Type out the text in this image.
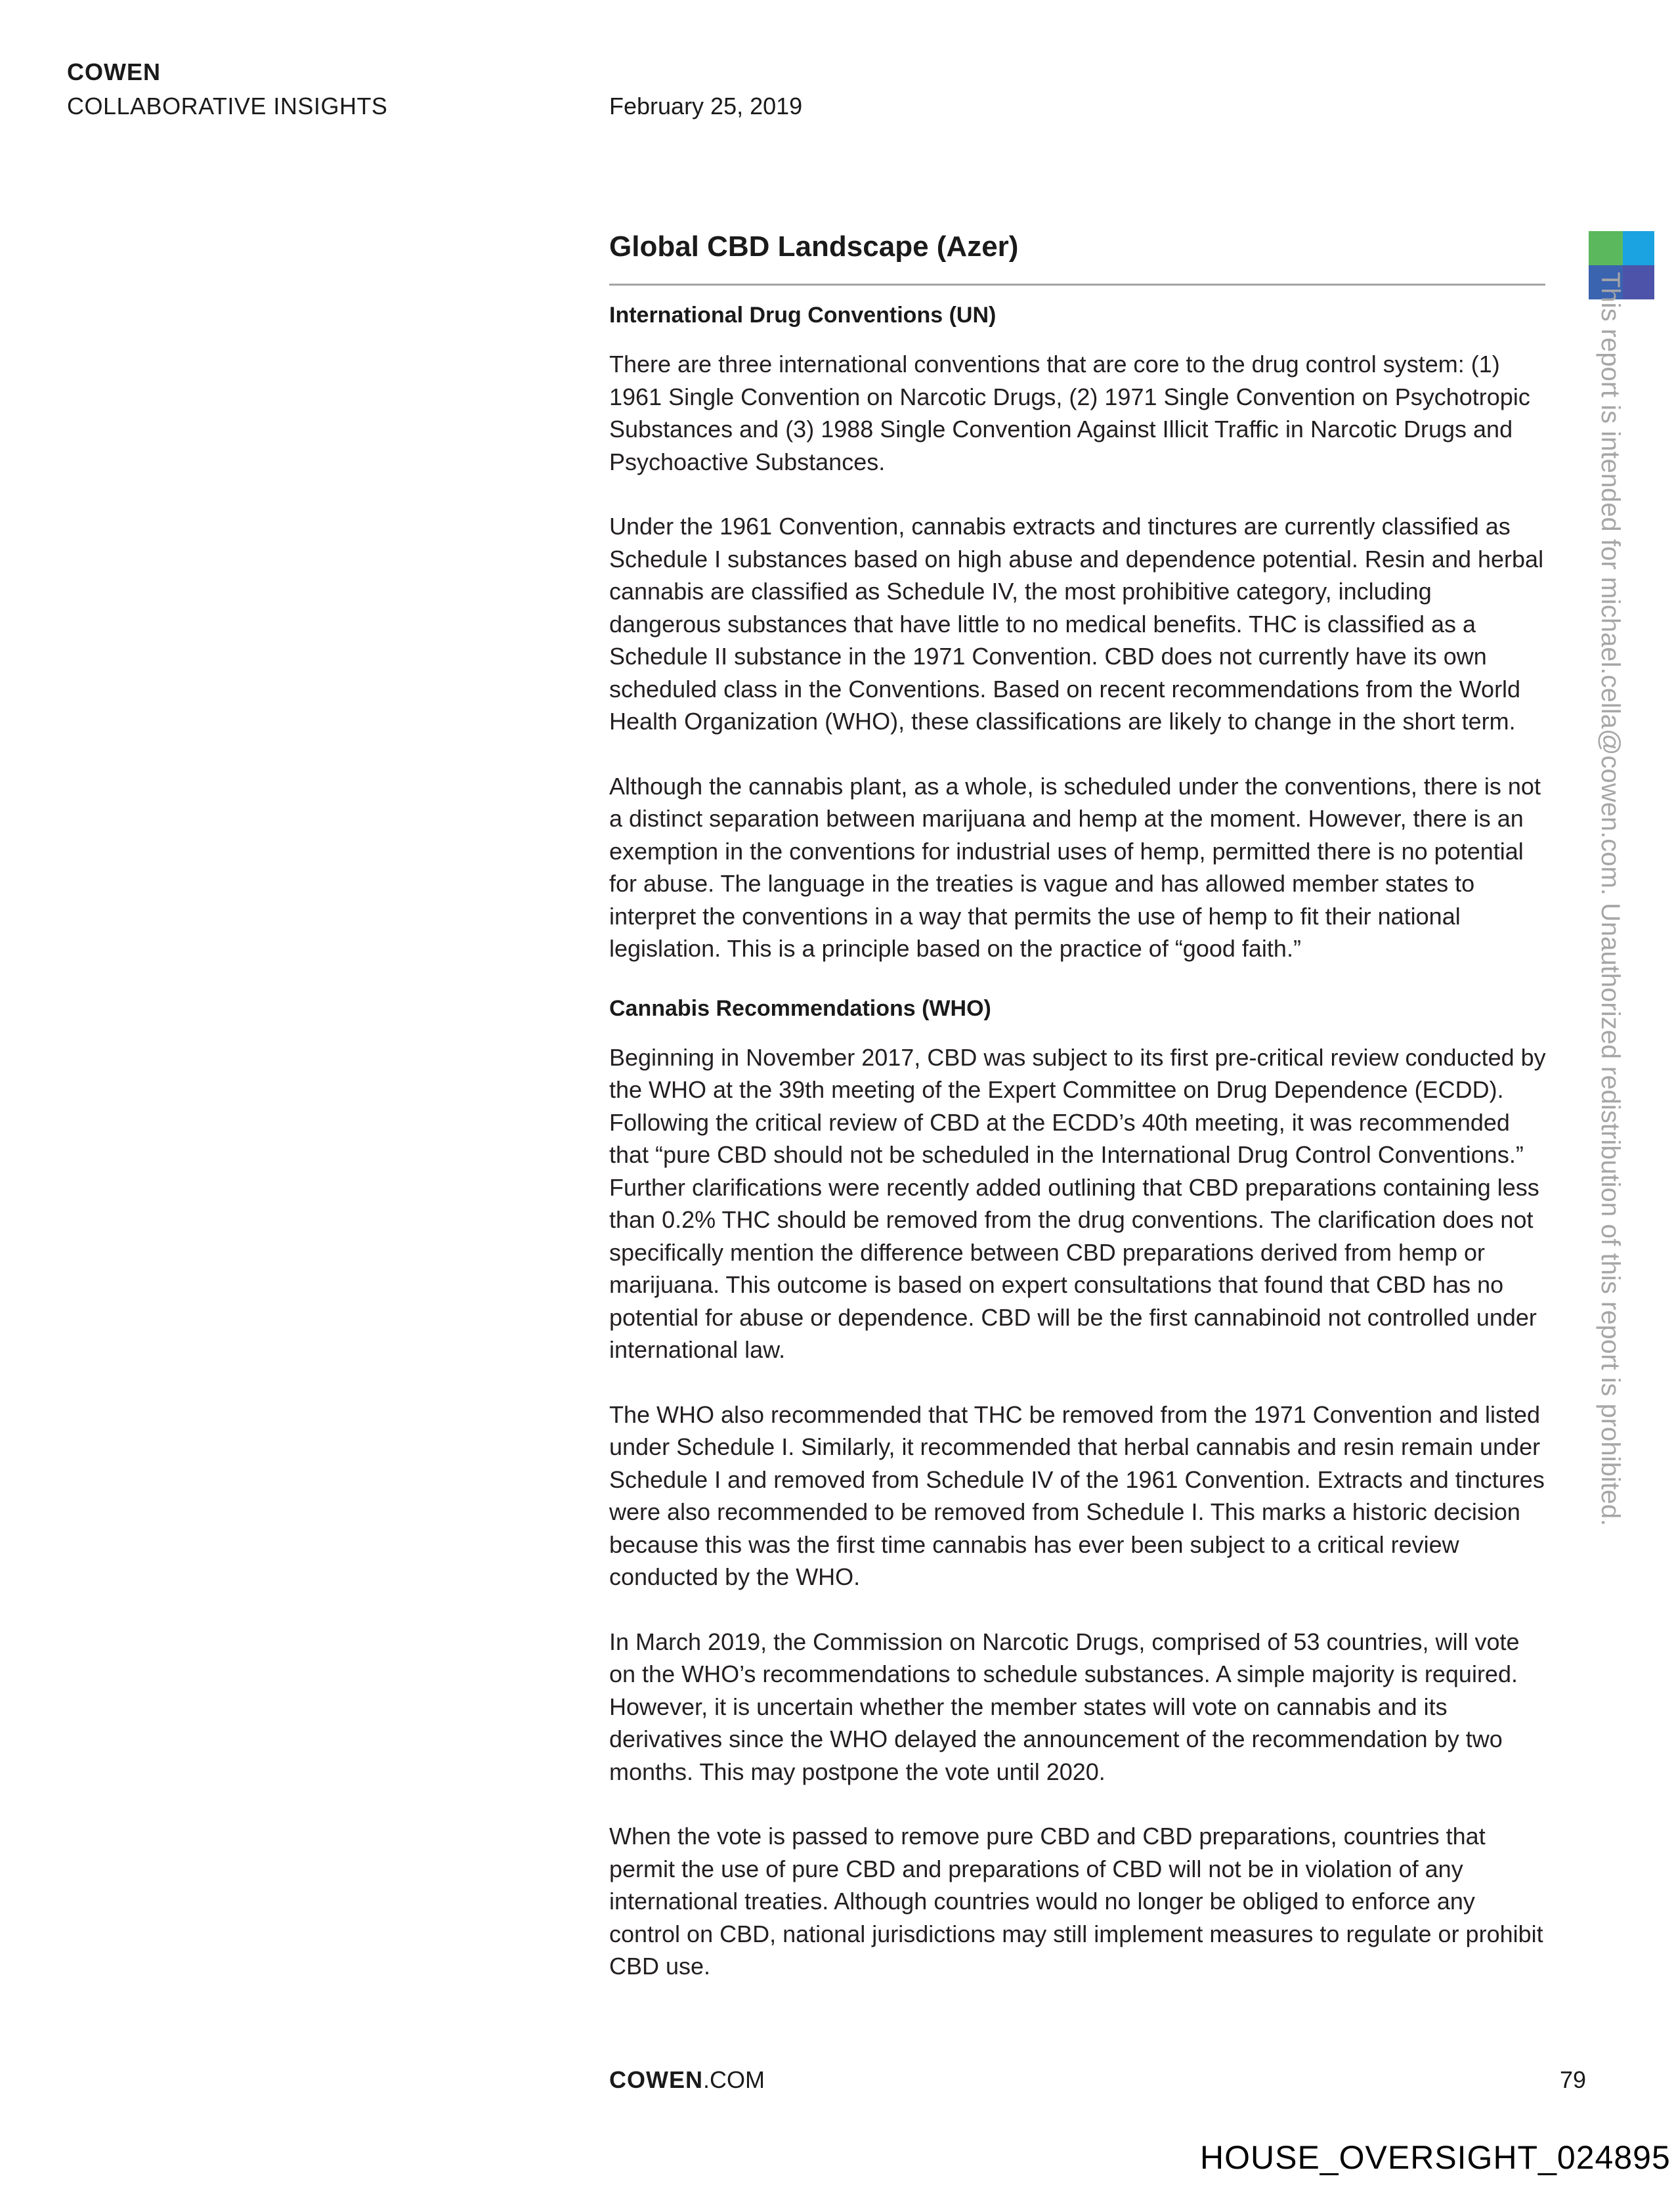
COWEN
COLLABORATIVE INSIGHTS	February 25, 2019
Global CBD Landscape (Azer)
International Drug Conventions (UN)

There are three international conventions that are core to the drug control system: (1) 1961 Single Convention on Narcotic Drugs, (2) 1971 Single Convention on Psychotropic Substances and (3) 1988 Single Convention Against Illicit Traffic in Narcotic Drugs and Psychoactive Substances.

Under the 1961 Convention, cannabis extracts and tinctures are currently classified as Schedule I substances based on high abuse and dependence potential. Resin and herbal cannabis are classified as Schedule IV, the most prohibitive category, including dangerous substances that have little to no medical benefits. THC is classified as a Schedule II substance in the 1971 Convention. CBD does not currently have its own scheduled class in the Conventions. Based on recent recommendations from the World Health Organization (WHO), these classifications are likely to change in the short term.

Although the cannabis plant, as a whole, is scheduled under the conventions, there is not a distinct separation between marijuana and hemp at the moment. However, there is an exemption in the conventions for industrial uses of hemp, permitted there is no potential for abuse. The language in the treaties is vague and has allowed member states to interpret the conventions in a way that permits the use of hemp to fit their national legislation. This is a principle based on the practice of “good faith.”

Cannabis Recommendations (WHO)

Beginning in November 2017, CBD was subject to its first pre-critical review conducted by the WHO at the 39th meeting of the Expert Committee on Drug Dependence (ECDD). Following the critical review of CBD at the ECDD’s 40th meeting, it was recommended that “pure CBD should not be scheduled in the International Drug Control Conventions.” Further clarifications were recently added outlining that CBD preparations containing less than 0.2% THC should be removed from the drug conventions. The clarification does not specifically mention the difference between CBD preparations derived from hemp or marijuana. This outcome is based on expert consultations that found that CBD has no potential for abuse or dependence. CBD will be the first cannabinoid not controlled under international law.

The WHO also recommended that THC be removed from the 1971 Convention and listed under Schedule I. Similarly, it recommended that herbal cannabis and resin remain under Schedule I and removed from Schedule IV of the 1961 Convention. Extracts and tinctures were also recommended to be removed from Schedule I. This marks a historic decision because this was the first time cannabis has ever been subject to a critical review conducted by the WHO.

In March 2019, the Commission on Narcotic Drugs, comprised of 53 countries, will vote on the WHO’s recommendations to schedule substances. A simple majority is required. However, it is uncertain whether the member states will vote on cannabis and its derivatives since the WHO delayed the announcement of the recommendation by two months. This may postpone the vote until 2020.

When the vote is passed to remove pure CBD and CBD preparations, countries that permit the use of pure CBD and preparations of CBD will not be in violation of any international treaties. Although countries would no longer be obliged to enforce any control on CBD, national jurisdictions may still implement measures to regulate or prohibit CBD use.

This report is intended for michael.cella@cowen.com. Unauthorized redistribution of this report is prohibited.
COWEN.COM	79
HOUSE_OVERSIGHT_024895
